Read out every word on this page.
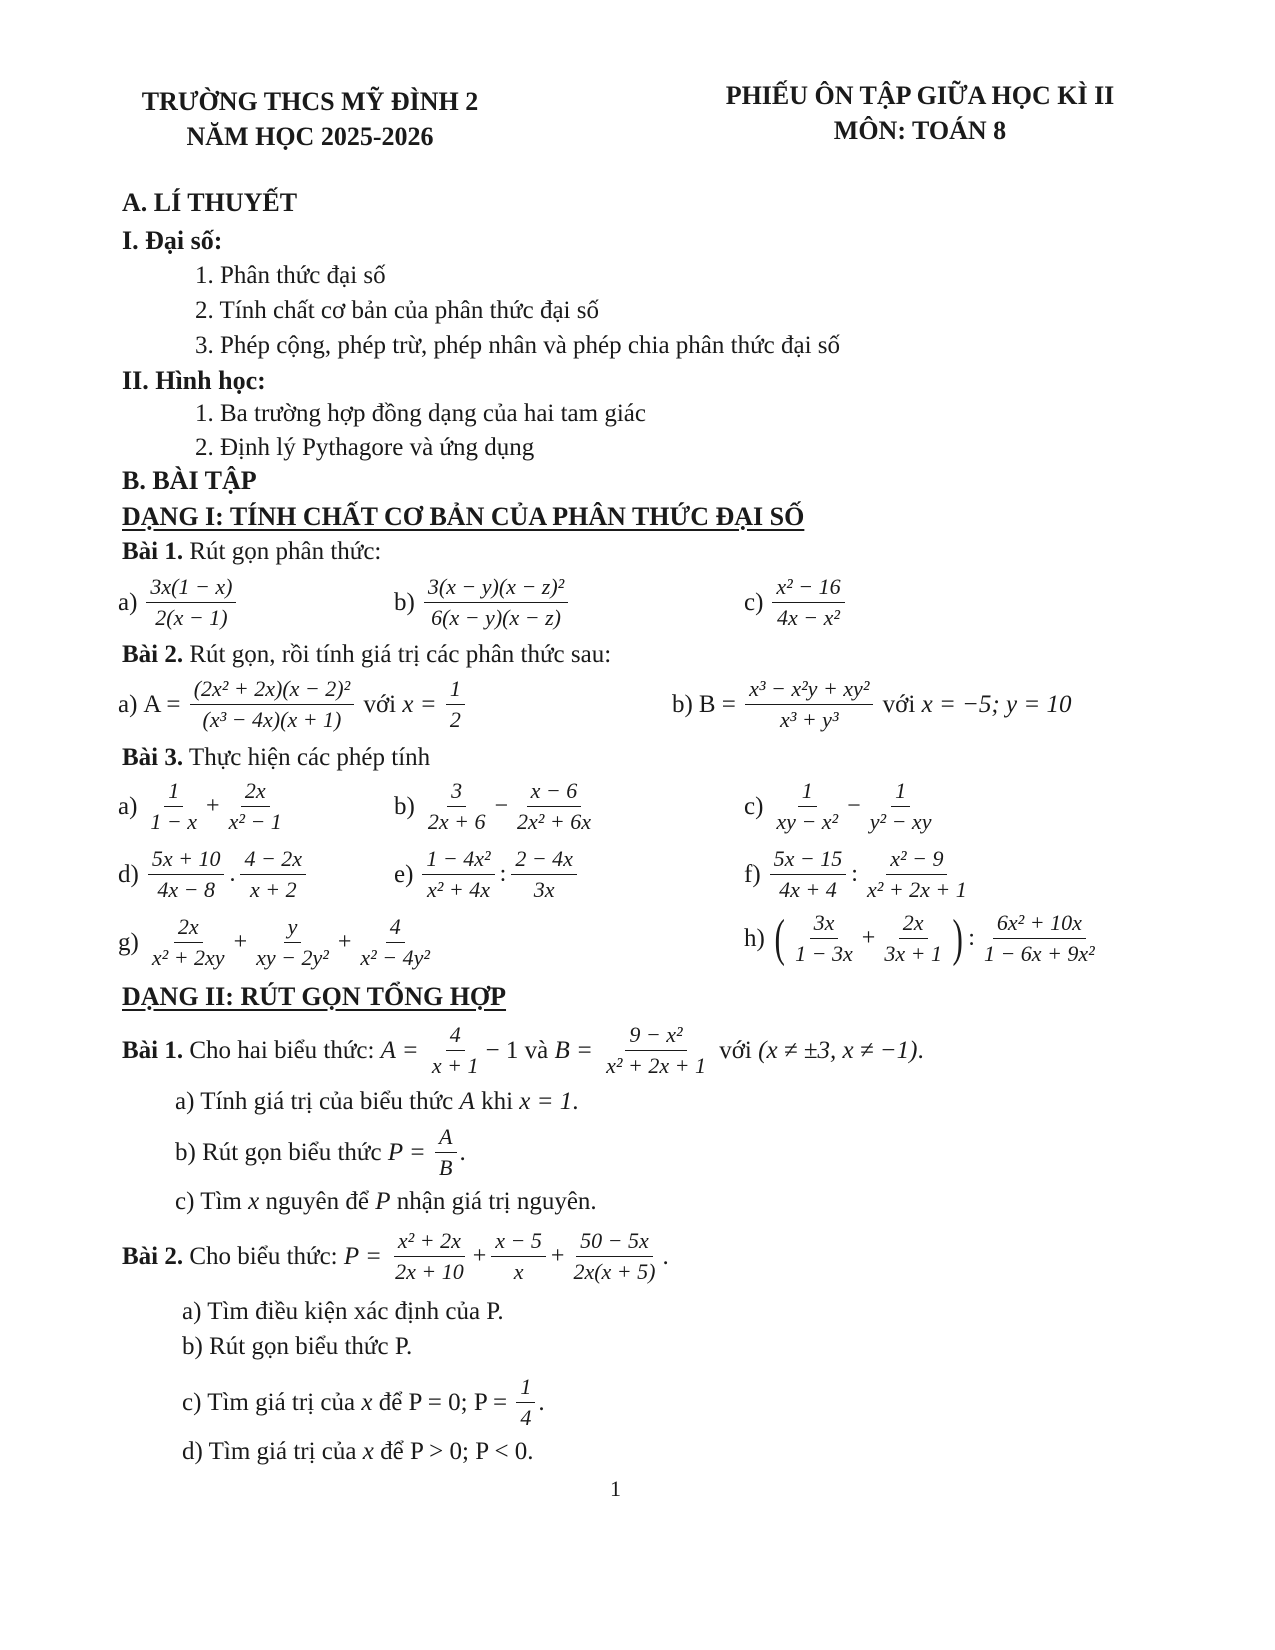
TRƯỜNG THCS MỸ ĐÌNH 2
NĂM HỌC 2025-2026
PHIẾU ÔN TẬP GIỮA HỌC KÌ II
MÔN: TOÁN 8
A. LÍ THUYẾT
I. Đại số:
1. Phân thức đại số
2. Tính chất cơ bản của phân thức đại số
3. Phép cộng, phép trừ, phép nhân và phép chia phân thức đại số
II. Hình học:
1. Ba trường hợp đồng dạng của hai tam giác
2. Định lý Pythagore và ứng dụng
B. BÀI TẬP
DẠNG I: TÍNH CHẤT CƠ BẢN CỦA PHÂN THỨC ĐẠI SỐ
Bài 1. Rút gọn phân thức:
$a) \frac{3x(1 - x)}{2(x - 1)}$	$b) \frac{\text{3(x − y)(x − z)²}}{6(x - y)(x - z)}$	$c) \frac{\text{x² − 16}}{\text{4x − x²}}$
Bài 2. Rút gọn, rồi tính giá trị các phân thức sau:
a) $A = \frac{\text{(2x² + 2x)(x − 2)²}}{\text{(x³ − 4x)(x + 1)}}$ với $x = \frac{1}{2}$	b) $B = \frac{\text{x³ − x²y + xy²}}{\text{x³ + y³}}$ với x = −5; y = 10
Bài 3. Thực hiện các phép tính
$a) \frac{1}{1 - x} + \frac{2x}{\text{x² − 1}}$	$b) \frac{3}{2x + 6} - \frac{x - 6}{\text{2x² + 6x}}$	$c) \frac{1}{\text{xy − x²}} - \frac{1}{\text{y² − xy}}$
$d) \frac{5x + 10}{4x - 8}$ . $\frac{4 - 2x}{x + 2}$	$e) \frac{\text{1 − 4x²}}{\text{x² + 4x}}$ : $\frac{2 - 4x}{3x}$	$f) \frac{5x - 15}{4x + 4}$ : $\frac{\text{x² − 9}}{\text{x² + 2x + 1}}$
$g) \frac{2x}{\text{x² + 2xy}} + \frac{y}{\text{xy − 2y²}} + \frac{4}{\text{x² − 4y²}}$	h) ( $\frac{3x}{1 - 3x} + \frac{2x}{3x + 1}$ ) : $\frac{\text{6x² + 10x}}{\text{1 − 6x + 9x²}}$
DẠNG II: RÚT GỌN TỔNG HỢP
Bài 1. Cho hai biểu thức: $A = \frac{4}{x + 1} - 1$ và $B = \frac{\text{9 − x²}}{\text{x² + 2x + 1}}$ với (x ≠ ±3, x ≠ −1) .
a) Tính giá trị của biểu thức A khi x = 1 .
b) Rút gọn biểu thức $P = \frac{A}{B}$ .
c) Tìm x nguyên để P nhận giá trị nguyên.
Bài 2. Cho biểu thức: $P = \frac{\text{x² + 2x}}{2x + 10} + \frac{x - 5}{x} + \frac{50 - 5x}{2x(x + 5)}$ .
a) Tìm điều kiện xác định của P.
b) Rút gọn biểu thức P.
c) Tìm giá trị của x để P = 0; $P = \frac{1}{4}$ .
d) Tìm giá trị của x để P > 0; P < 0.
1
